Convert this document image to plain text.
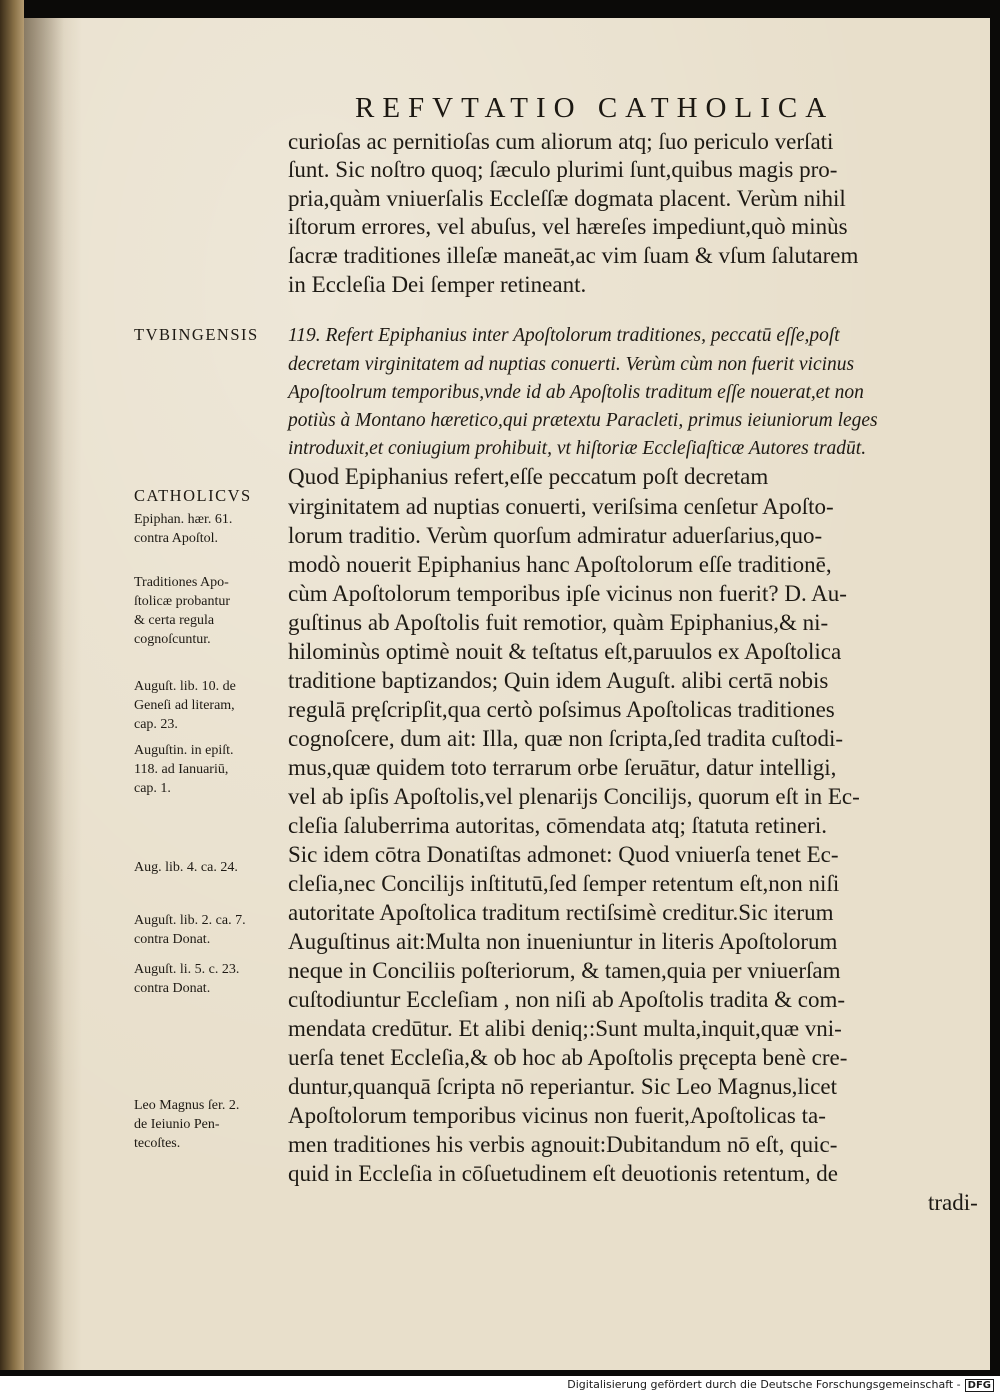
REFVTATIO CATHOLICA
TVBINGENSIS
CATHOLICVS
Epiphan. hær. 61.
contra Apoſtol.
Traditiones Apo-
ſtolicæ probantur
& certa regula
cognoſcuntur.
Auguſt. lib. 10. de
Geneſi ad literam,
cap. 23.
Auguſtin. in epiſt.
118. ad Ianuariū,
cap. 1.
Aug. lib. 4. ca. 24.
Auguſt. lib. 2. ca. 7.
contra Donat.
Auguſt. li. 5. c. 23.
contra Donat.
Leo Magnus ſer. 2.
de Ieiunio Pen-
tecoſtes.
curioſas ac pernitioſas cum aliorum atq; ſuo periculo verſati
ſunt. Sic noſtro quoq; ſæculo plurimi ſunt,quibus magis pro-
pria,quàm vniuerſalis Eccleſſæ dogmata placent. Verùm nihil
iſtorum errores, vel abuſus, vel hæreſes impediunt,quò minùs
ſacræ traditiones illeſæ maneāt,ac vim ſuam & vſum ſalutarem
in Eccleſia Dei ſemper retineant.
119. Refert Epiphanius inter Apoſtolorum traditiones, peccatū eſſe,poſt
decretam virginitatem ad nuptias conuerti. Verùm cùm non fuerit vicinus
Apoſtoolrum temporibus,vnde id ab Apoſtolis traditum eſſe nouerat,et non
potiùs à Montano hæretico,qui prætextu Paracleti, primus ieiuniorum leges
introduxit,et coniugium prohibuit, vt hiſtoriæ Eccleſiaſticæ Autores tradūt.
Quod Epiphanius refert,eſſe peccatum poſt decretam
virginitatem ad nuptias conuerti, veriſsima cenſetur Apoſto-
lorum traditio. Verùm quorſum admiratur aduerſarius,quo-
modò nouerit Epiphanius hanc Apoſtolorum eſſe traditionē,
cùm Apoſtolorum temporibus ipſe vicinus non fuerit? D. Au-
guſtinus ab Apoſtolis fuit remotior, quàm Epiphanius,& ni-
hilominùs optimè nouit & teſtatus eſt,paruulos ex Apoſtolica
traditione baptizandos; Quin idem Auguſt. alibi certā nobis
regulā pręſcripſit,qua certò poſsimus Apoſtolicas traditiones
cognoſcere, dum ait: Illa, quæ non ſcripta,ſed tradita cuſtodi-
mus,quæ quidem toto terrarum orbe ſeruātur, datur intelligi,
vel ab ipſis Apoſtolis,vel plenarijs Concilijs, quorum eſt in Ec-
cleſia ſaluberrima autoritas, cōmendata atq; ſtatuta retineri.
Sic idem cōtra Donatiſtas admonet: Quod vniuerſa tenet Ec-
cleſia,nec Concilijs inſtitutū,ſed ſemper retentum eſt,non niſi
autoritate Apoſtolica traditum rectiſsimè creditur.Sic iterum
Auguſtinus ait:Multa non inueniuntur in literis Apoſtolorum
neque in Conciliis poſteriorum, & tamen,quia per vniuerſam
cuſtodiuntur Eccleſiam , non niſi ab Apoſtolis tradita & com-
mendata credūtur. Et alibi deniq;:Sunt multa,inquit,quæ vni-
uerſa tenet Eccleſia,& ob hoc ab Apoſtolis pręcepta benè cre-
duntur,quanquā ſcripta nō reperiantur. Sic Leo Magnus,licet
Apoſtolorum temporibus vicinus non fuerit,Apoſtolicas ta-
men traditiones his verbis agnouit:Dubitandum nō eſt, quic-
quid in Eccleſia in cōſuetudinem eſt deuotionis retentum, de
tradi-
Digitalisierung gefördert durch die Deutsche Forschungsgemeinschaft - DFG
